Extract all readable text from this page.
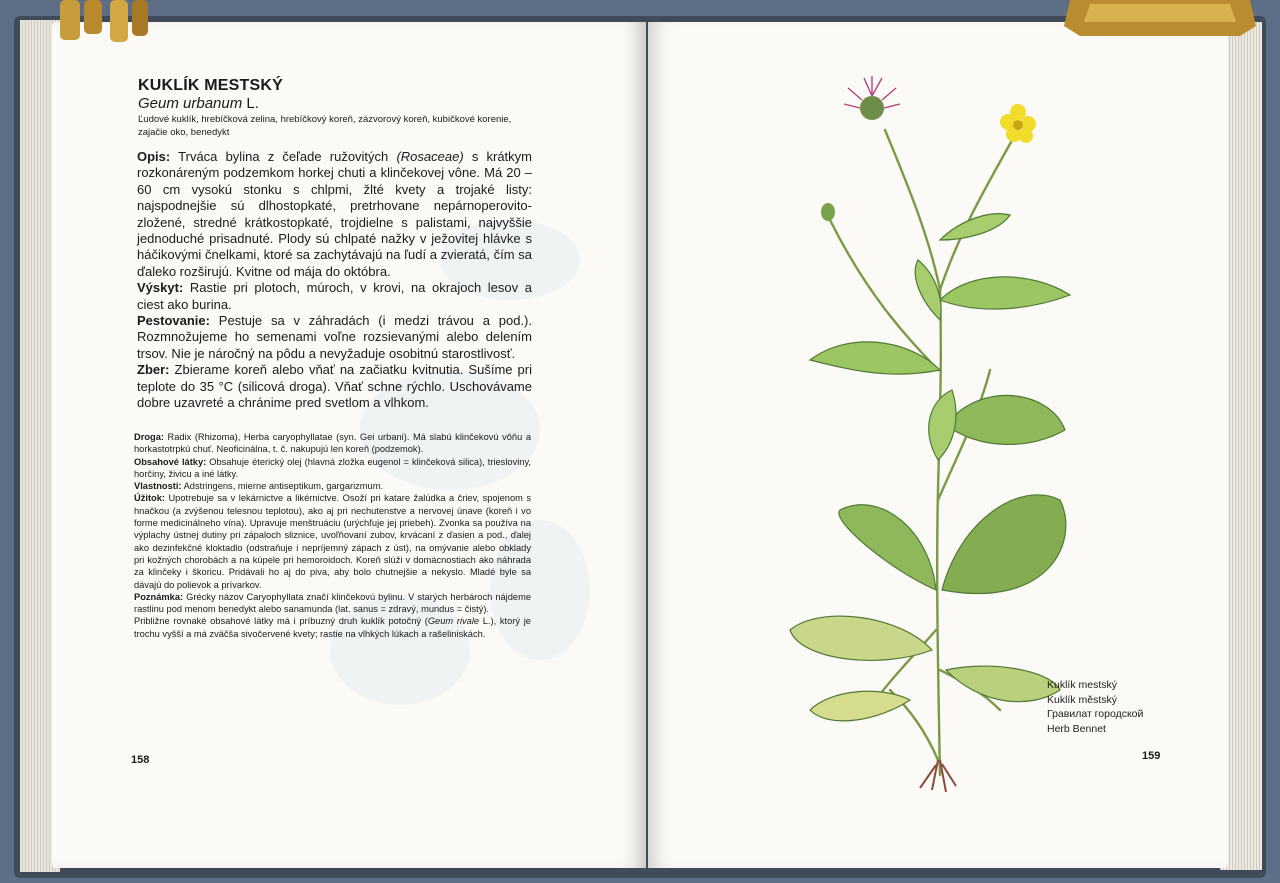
KUKLÍK MESTSKÝ
Geum urbanum L.
Ľudové kuklík, hrebíčková zelina, hrebíčkový koreň, zázvorový koreň, kubičkové korenie, zajačie oko, benedykt

Opis: Trváca bylina z čeľade ružovitých (Rosaceae) s krátkym rozkonáreným podzemkom horkej chuti a klinčekovej vône. Má 20 – 60 cm vysokú stonku s chlpmi, žlté kvety a trojaké listy: najspodnejšie sú dlhostopkaté, pretrhovane nepárnoperovito-zložené, stredné krátkostopkaté, trojdielne s palistami, najvyššie jednoduché prisadnuté. Plody sú chlpaté nažky v ježovitej hlávke s háčikovými čnelkami, ktoré sa zachytávajú na ľudí a zvieratá, čím sa ďaleko rozširujú. Kvitne od mája do októbra.

Výskyt: Rastie pri plotoch, múroch, v krovi, na okrajoch lesov a ciest ako burina.

Pestovanie: Pestuje sa v záhradách (i medzi trávou a pod.). Rozmnožujeme ho semenami voľne rozsievanými alebo delením trsov. Nie je náročný na pôdu a nevyžaduje osobitnú starostlivosť.

Zber: Zbierame koreň alebo vňať na začiatku kvitnutia. Sušíme pri teplote do 35 °C (silicová droga). Vňať schne rýchlo. Uschovávame dobre uzavreté a chránime pred svetlom a vlhkom.

Droga: Radix (Rhizoma), Herba caryophyllatae (syn. Gei urbani). Má slabú klinčekovú vôňu a horkastotrpkú chuť. Neoficinálna, t. č. nakupujú len koreň (podzemok).

Obsahové látky: Obsahuje éterický olej (hlavná zložka eugenol = klinčeková silica), triesloviny, horčiny, živicu a iné látky.

Vlastnosti: Adstringens, mierne antiseptikum, gargarizmum.

Úžitok: Upotrebuje sa v lekárnictve a likérnictve. Osoží pri katare žalúdka a čriev, spojenom s hnačkou (a zvýšenou telesnou teplotou), ako aj pri nechutenstve a nervovej únave (koreň i vo forme medicinálneho vína). Upravuje menštruáciu (urýchľuje jej priebeh). Zvonka sa používa na výplachy ústnej dutiny pri zápaloch sliznice, uvoľňovaní zubov, krvácaní z ďasien a pod., ďalej ako dezinfekčné kloktadlo (odstraňuje i nepríjemný zápach z úst), na omývanie alebo obklady pri kožných chorobách a na kúpele pri hemoroidoch. Koreň slúži v domácnostiach ako náhrada za klinčeky i škoricu. Pridávali ho aj do piva, aby bolo chutnejšie a nekyslo. Mladé byle sa dávajú do polievok a prívarkov.

Poznámka: Grécky názov Caryophyllata značí klinčekovú bylinu. V starých herbároch nájdeme rastlinu pod menom benedykt alebo sanamunda (lat. sanus = zdravý, mundus = čistý).

Približne rovnaké obsahové látky má i príbuzný druh kuklík potočný (Geum rivale L.), ktorý je trochu vyšší a má zväčša sivočervené kvety; rastie na vlhkých lúkach a rašeliniskách.

158
Kuklík mestský
Kuklík městský
Гравилат городской
Herb Bennet
159
